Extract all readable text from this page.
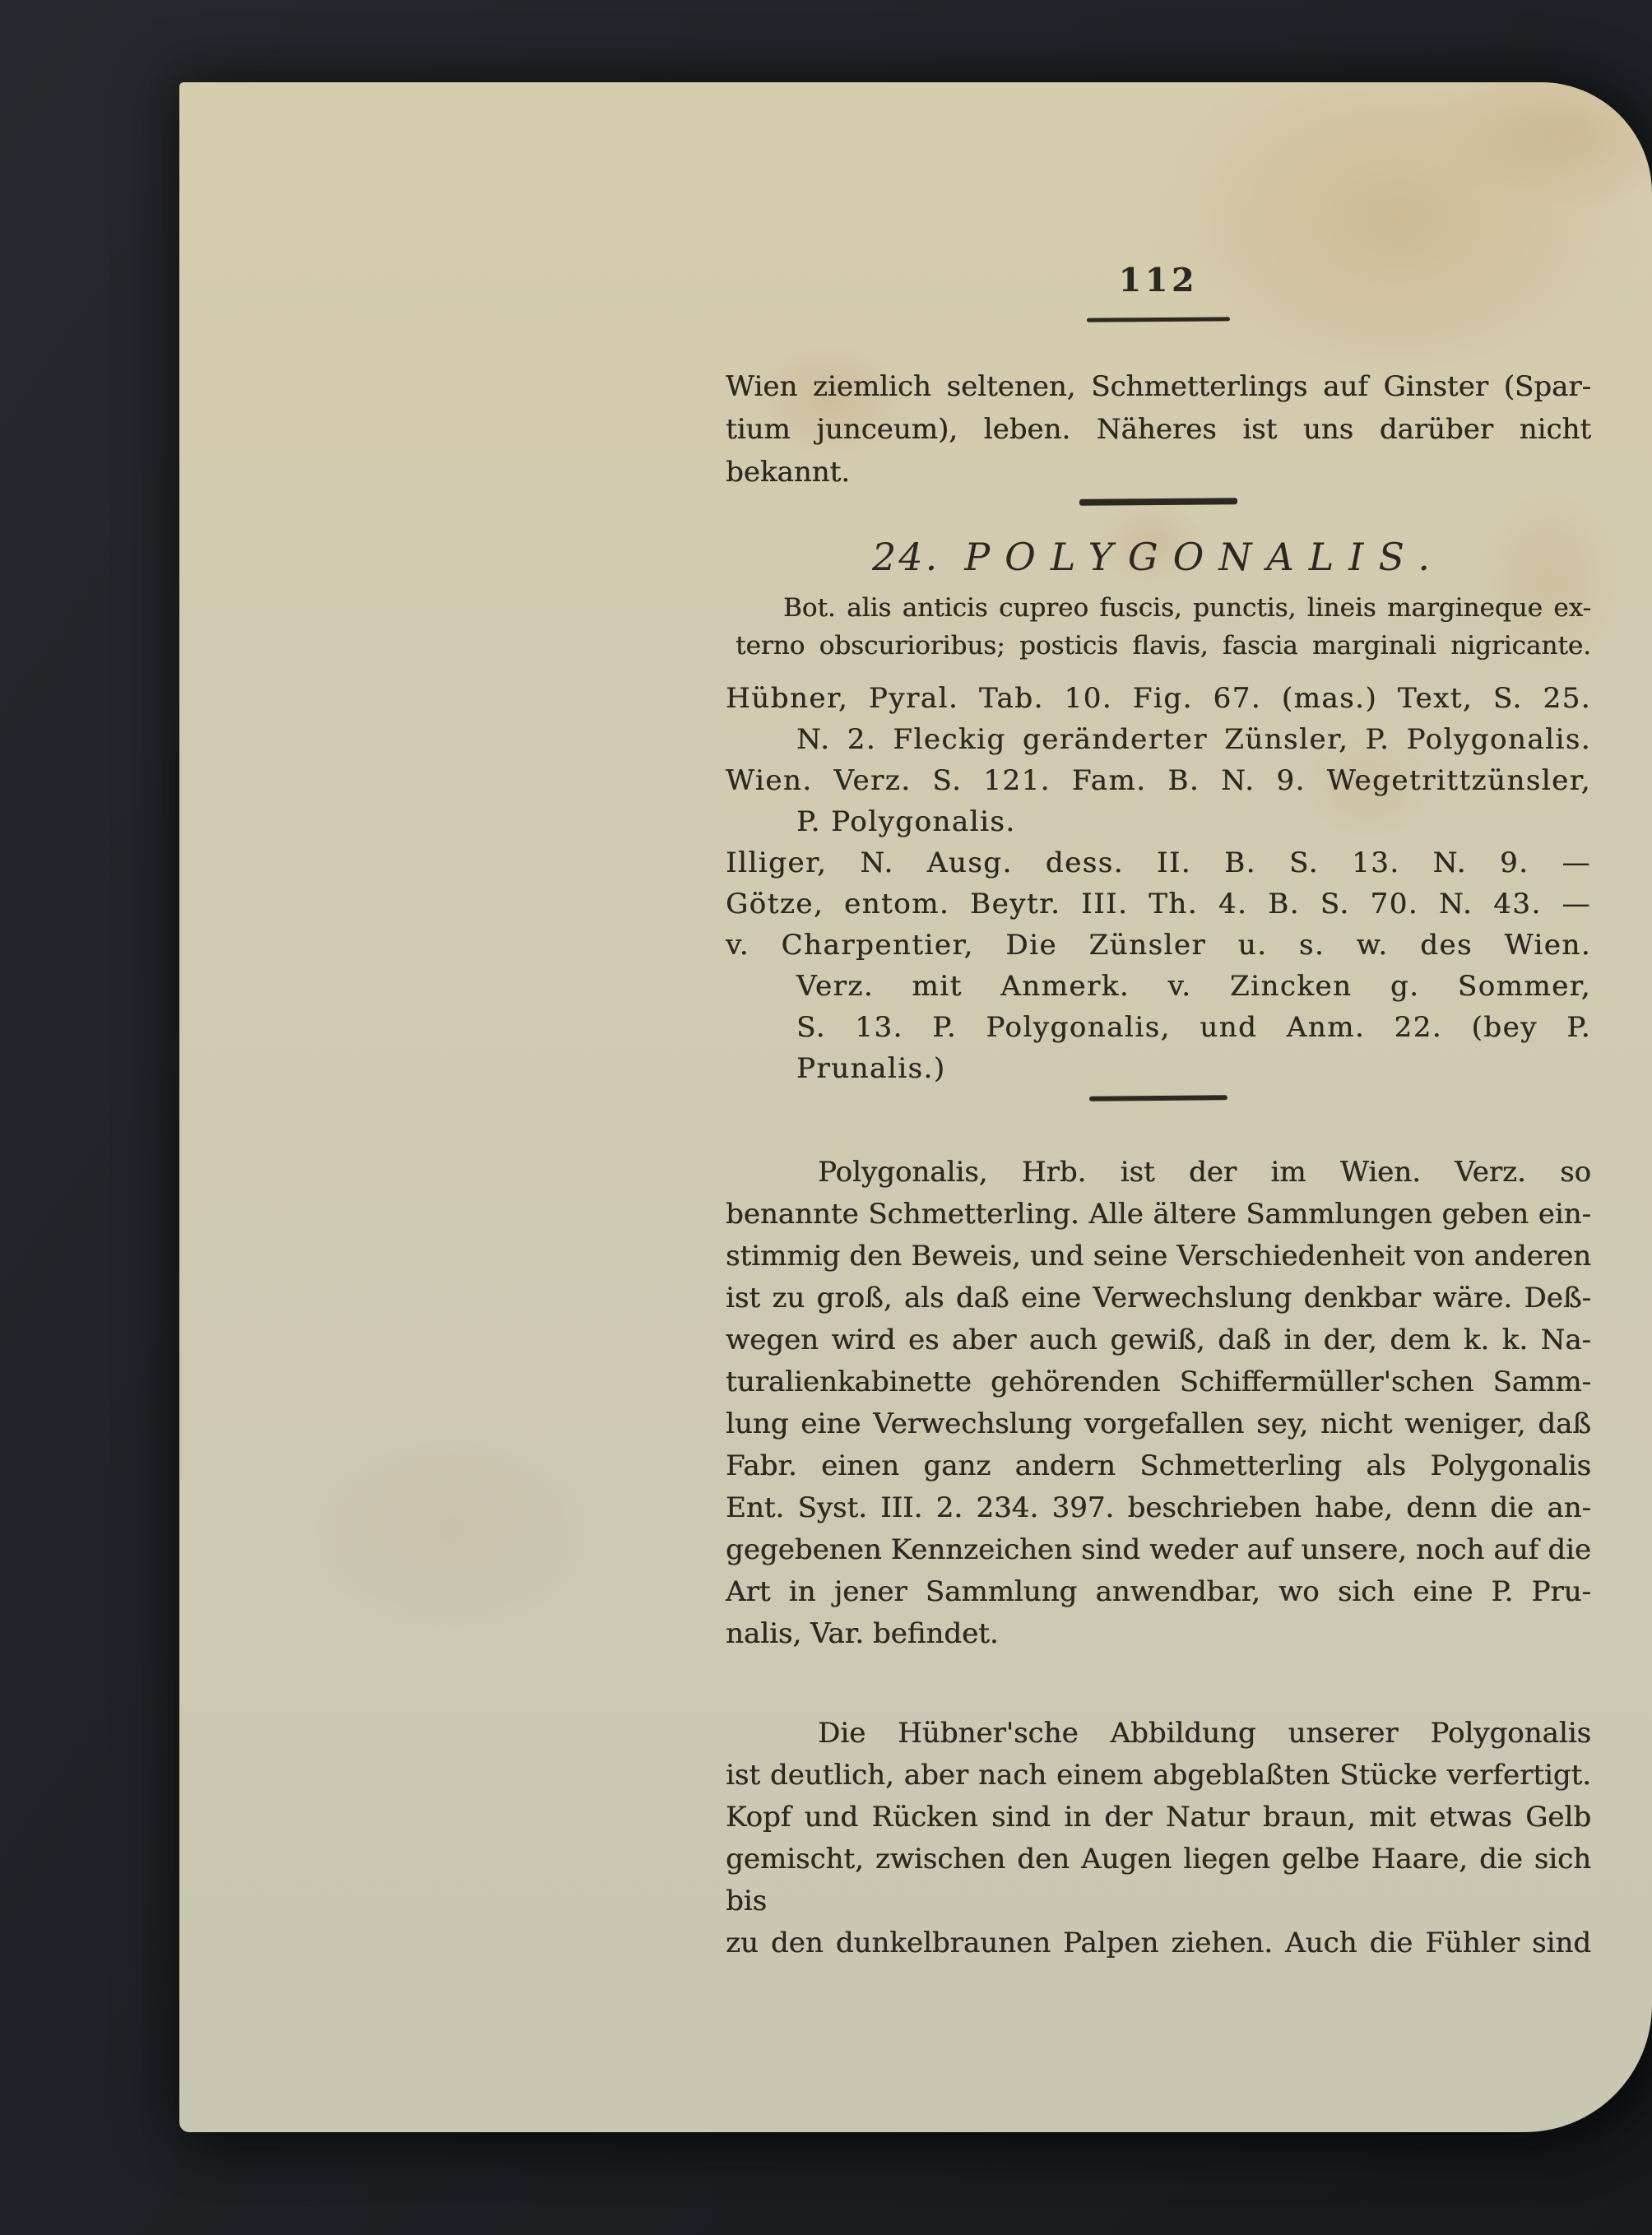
112
Wien ziemlich seltenen, Schmetterlings auf Ginster (Spar-
tium junceum), leben. Näheres ist uns darüber nicht
bekannt.
24. POLYGONALIS.
Bot. alis anticis cupreo fuscis, punctis, lineis margineque ex-
terno obscurioribus; posticis flavis, fascia marginali nigricante.
Hübner, Pyral. Tab. 10. Fig. 67. (mas.) Text, S. 25.
N. 2. Fleckig geränderter Zünsler, P. Polygonalis.
Wien. Verz. S. 121. Fam. B. N. 9. Wegetrittzünsler,
P. Polygonalis.
Illiger, N. Ausg. dess. II. B. S. 13. N. 9. —
Götze, entom. Beytr. III. Th. 4. B. S. 70. N. 43. —
v. Charpentier, Die Zünsler u. s. w. des Wien.
Verz. mit Anmerk. v. Zincken g. Sommer,
S. 13. P. Polygonalis, und Anm. 22. (bey P.
Prunalis.)
Polygonalis, Hrb. ist der im Wien. Verz. so
benannte Schmetterling. Alle ältere Sammlungen geben ein-
stimmig den Beweis, und seine Verschiedenheit von anderen
ist zu groß, als daß eine Verwechslung denkbar wäre. Deß-
wegen wird es aber auch gewiß, daß in der, dem k. k. Na-
turalienkabinette gehörenden Schiffermüller'schen Samm-
lung eine Verwechslung vorgefallen sey, nicht weniger, daß
Fabr. einen ganz andern Schmetterling als Polygonalis
Ent. Syst. III. 2. 234. 397. beschrieben habe, denn die an-
gegebenen Kennzeichen sind weder auf unsere, noch auf die
Art in jener Sammlung anwendbar, wo sich eine P. Pru-
nalis, Var. befindet.
Die Hübner'sche Abbildung unserer Polygonalis
ist deutlich, aber nach einem abgeblaßten Stücke verfertigt.
Kopf und Rücken sind in der Natur braun, mit etwas Gelb
gemischt, zwischen den Augen liegen gelbe Haare, die sich bis
zu den dunkelbraunen Palpen ziehen. Auch die Fühler sind
